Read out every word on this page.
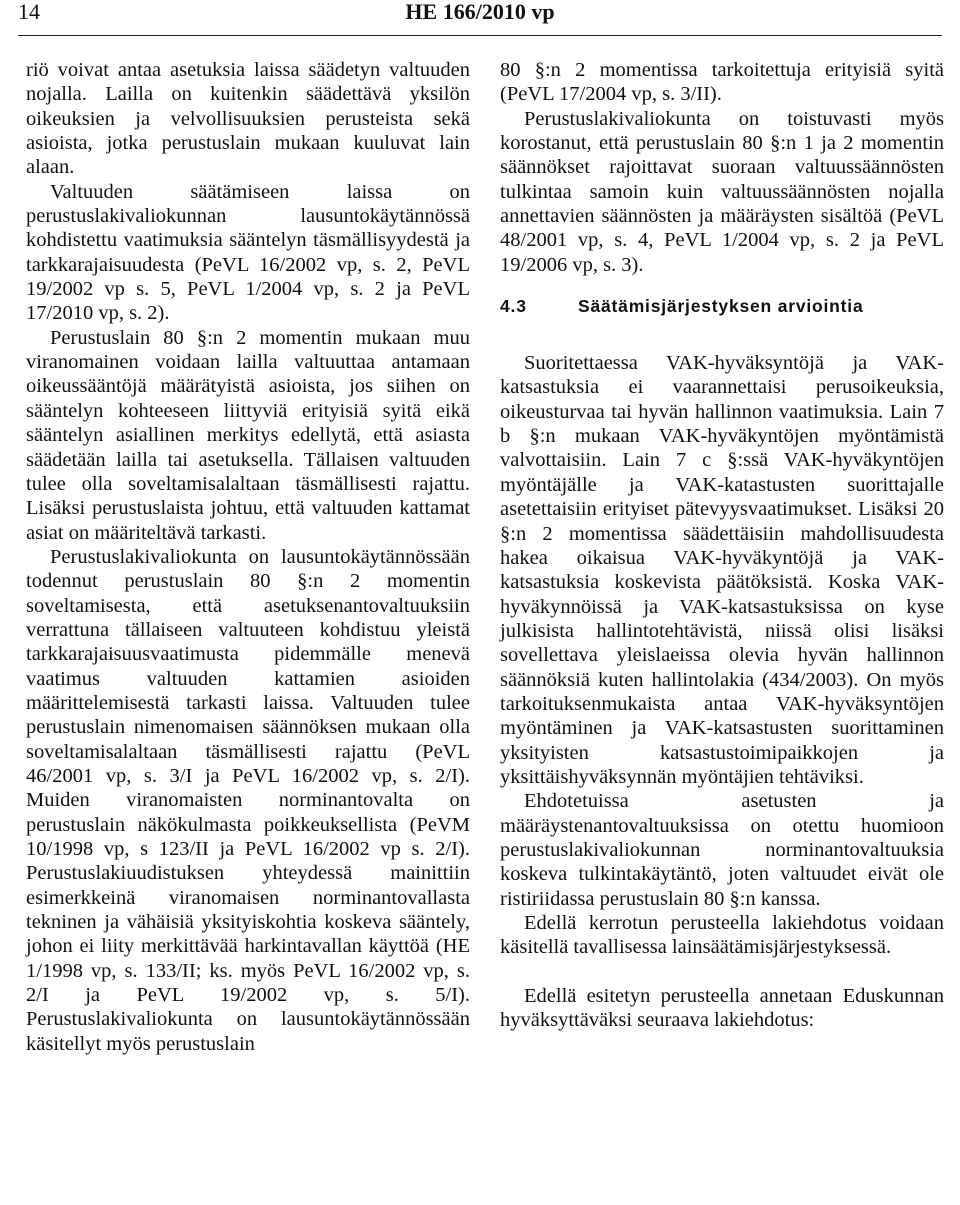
14	HE 166/2010 vp

riö voivat antaa asetuksia laissa säädetyn valtuuden nojalla. Lailla on kuitenkin säädettävä yksilön oikeuksien ja velvollisuuksien perusteista sekä asioista, jotka perustuslain mukaan kuuluvat lain alaan.

Valtuuden säätämiseen laissa on perustuslakivaliokunnan lausuntokäytännössä kohdistettu vaatimuksia sääntelyn täsmällisyydestä ja tarkkarajaisuudesta (PeVL 16/2002 vp, s. 2, PeVL 19/2002 vp s. 5, PeVL 1/2004 vp, s. 2 ja PeVL 17/2010 vp, s. 2).

Perustuslain 80 §:n 2 momentin mukaan muu viranomainen voidaan lailla valtuuttaa antamaan oikeussääntöjä määrätyistä asioista, jos siihen on sääntelyn kohteeseen liittyviä erityisiä syitä eikä sääntelyn asiallinen merkitys edellytä, että asiasta säädetään lailla tai asetuksella. Tällaisen valtuuden tulee olla soveltamisalaltaan täsmällisesti rajattu. Lisäksi perustuslaista johtuu, että valtuuden kattamat asiat on määriteltävä tarkasti.

Perustuslakivaliokunta on lausuntokäytännössään todennut perustuslain 80 §:n 2 momentin soveltamisesta, että asetuksenantovaltuuksiin verrattuna tällaiseen valtuuteen kohdistuu yleistä tarkkarajaisuusvaatimusta pidemmälle menevä vaatimus valtuuden kattamien asioiden määrittelemisestä tarkasti laissa. Valtuuden tulee perustuslain nimenomaisen säännöksen mukaan olla soveltamisalaltaan täsmällisesti rajattu (PeVL 46/2001 vp, s. 3/I ja PeVL 16/2002 vp, s. 2/I). Muiden viranomaisten norminantovalta on perustuslain näkökulmasta poikkeuksellista (PeVM 10/1998 vp, s 123/II ja PeVL 16/2002 vp s. 2/I). Perustuslakiuudistuksen yhteydessä mainittiin esimerkkeinä viranomaisen norminantovallasta tekninen ja vähäisiä yksityiskohtia koskeva sääntely, johon ei liity merkittävää harkintavallan käyttöä (HE 1/1998 vp, s. 133/II; ks. myös PeVL 16/2002 vp, s. 2/I ja PeVL 19/2002 vp, s. 5/I). Perustuslakivaliokunta on lausuntokäytännössään käsitellyt myös perustuslain

80 §:n 2 momentissa tarkoitettuja erityisiä syitä (PeVL 17/2004 vp, s. 3/II).

Perustuslakivaliokunta on toistuvasti myös korostanut, että perustuslain 80 §:n 1 ja 2 momentin säännökset rajoittavat suoraan valtuussäännösten tulkintaa samoin kuin valtuussäännösten nojalla annettavien säännösten ja määräysten sisältöä (PeVL 48/2001 vp, s. 4, PeVL 1/2004 vp, s. 2 ja PeVL 19/2006 vp, s. 3).

4.3	Säätämisjärjestyksen arviointia

Suoritettaessa VAK-hyväksyntöjä ja VAK-katsastuksia ei vaarannettaisi perusoikeuksia, oikeusturvaa tai hyvän hallinnon vaatimuksia. Lain 7 b §:n mukaan VAK-hyväkyntöjen myöntämistä valvottaisiin. Lain 7 c §:ssä VAK-hyväkyntöjen myöntäjälle ja VAK-katastusten suorittajalle asetettaisiin erityiset pätevyysvaatimukset. Lisäksi 20 §:n 2 momentissa säädettäisiin mahdollisuudesta hakea oikaisua VAK-hyväkyntöjä ja VAK-katsastuksia koskevista päätöksistä. Koska VAK-hyväkynnöissä ja VAK-katsastuksissa on kyse julkisista hallintotehtävistä, niissä olisi lisäksi sovellettava yleislaeissa olevia hyvän hallinnon säännöksiä kuten hallintolakia (434/2003). On myös tarkoituksenmukaista antaa VAK-hyväksyntöjen myöntäminen ja VAK-katsastusten suorittaminen yksityisten katsastustoimipaikkojen ja yksittäishyväksynnän myöntäjien tehtäviksi.

Ehdotetuissa asetusten ja määräystenantovaltuuksissa on otettu huomioon perustuslakivaliokunnan norminantovaltuuksia koskeva tulkintakäytäntö, joten valtuudet eivät ole ristiriidassa perustuslain 80 §:n kanssa.

Edellä kerrotun perusteella lakiehdotus voidaan käsitellä tavallisessa lainsäätämisjärjestyksessä.

Edellä esitetyn perusteella annetaan Eduskunnan hyväksyttäväksi seuraava lakiehdotus:
